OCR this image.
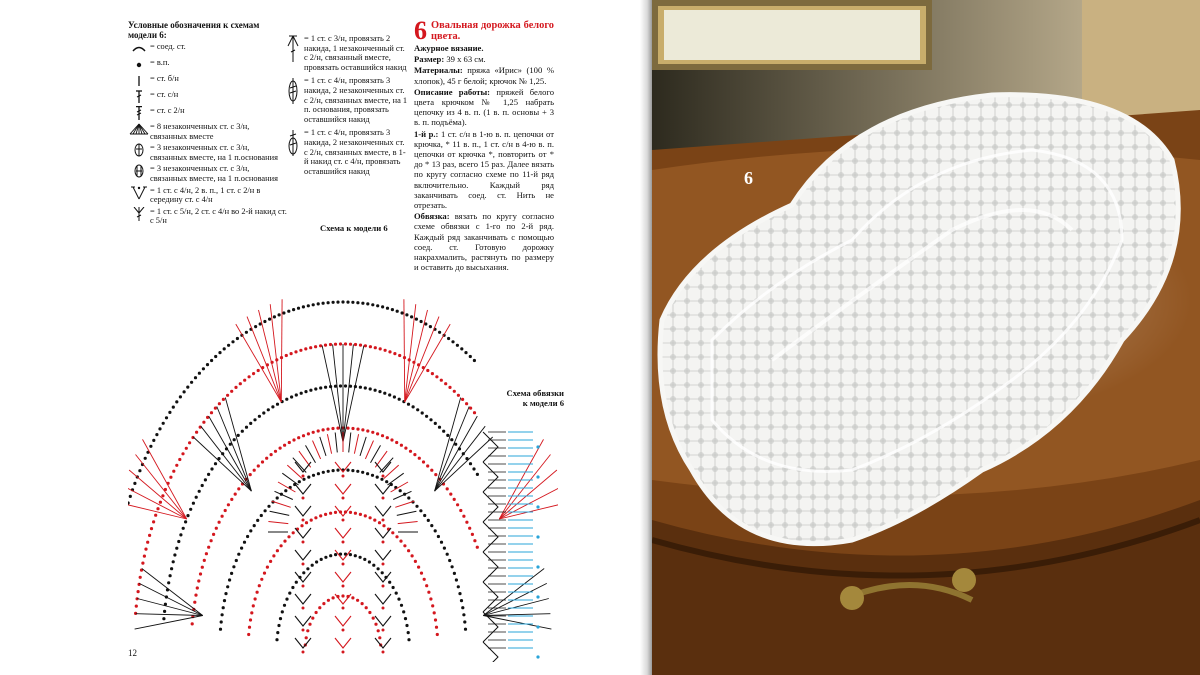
Условные обозначения к схемам модели 6:
= соед. ст.
= в.п.
= ст. б/н
= ст. с/н
= ст. с 2/н
= 8 незаконченных ст. с 3/н, связанных вместе
= 3 незаконченных ст. с 3/н, связанных вместе, на 1 п.основания
= 3 незаконченных ст. с 3/н, связанных вместе, на 1 п.основания
= 1 ст. с 4/н, 2 в. п., 1 ст. с 2/н в середину ст. с 4/н
= 1 ст. с 5/н, 2 ст. с 4/н во 2-й накид ст. с 5/н
= 1 ст. с 3/н, провязать 2 накида, 1 незаконченный ст. с 2/н, связанный вместе, провязать оставшийся накид
= 1 ст. с 4/н, провязать 3 накида, 2 незаконченных ст. с 2/н, связанных вместе, на 1 п. основания, провязать оставшийся накид
= 1 ст. с 4/н, провязать 3 накида, 2 незаконченных ст. с 2/н, связанных вместе, в 1-й накид ст. с 4/н, провязать оставшийся накид
6 Овальная дорожка белого цвета.

Ажурное вязание.

Размер: 39 х 63 см.

Материалы: пряжа «Ирис» (100 % хлопок), 45 г белой; крючок № 1,25.

Описание работы: пряжей белого цвета крючком № 1,25 набрать цепочку из 4 в. п. (1 в. п. основы + 3 в. п. подъёма).

1-й р.: 1 ст. с/н в 1-ю в. п. цепочки от крючка, * 11 в. п., 1 ст. с/н в 4-ю в. п. цепочки от крючка *, повторить от * до * 13 раз, всего 15 раз. Далее вязать по кругу согласно схеме по 11-й ряд включительно. Каждый ряд заканчивать соед. ст. Нить не отрезать.

Обвязка: вязать по кругу согласно схеме обвязки с 1-го по 2-й ряд. Каждый ряд заканчивать с помощью соед. ст. Готовую дорожку накрахмалить, растянуть по размеру и оставить до высыхания.

Схема к модели 6
Схема обвязки к модели 6
12
6
